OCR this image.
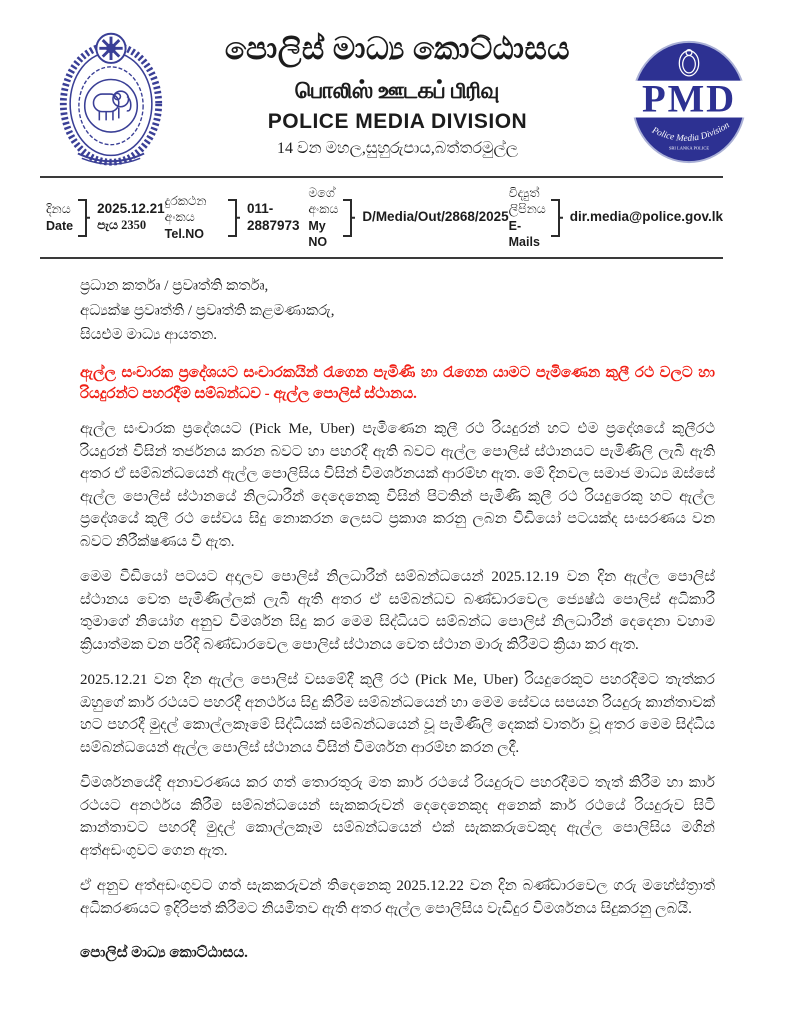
පොලිස් මාධ්‍ය කොට්ඨාසය
பொலிஸ் ஊடகப் பிரிவு
POLICE MEDIA DIVISION
14 වන මහල,සුහුරුපාය,බත්තරමුල්ල
PMD
Police Media Division
SRI LANKA POLICE
දිනය
Date
2025.12.21
පැය 2350
දුරකථන අංකය
Tel.NO
011-2887973
මගේ අංකය
My NO
D/Media/Out/2868/2025
විද්‍යුත් ලිපිනය
E-Mails
dir.media@police.gov.lk
ප්‍රධාන කර්තෘ / ප්‍රවෘත්ති කර්තෘ,
අධ්‍යක්ෂ ප්‍රවෘත්ති / ප්‍රවෘත්ති කළමණාකරු,
සියළුම මාධ්‍ය ආයතන.
ඇල්ල සංචාරක ප්‍රදේශයට සංචාරකයින් රැගෙන පැමිණි හා රැගෙන යාමට පැමිණෙන කුලී රථ වලට හා රියදුරන්ට පහරදීම සම්බන්ධව - ඇල්ල පොලිස් ස්ථානය.

ඇල්ල සංචාරක ප්‍රදේශයට (Pick Me, Uber) පැමිණෙන කුලී රථ රියදුරන් හට එම ප්‍රදේශයේ කුලීරථ රියදුරන් විසින් තර්ජනය කරන බවට හා පහරදී ඇති බවට ඇල්ල පොලිස් ස්ථානයට පැමිණිලි ලැබී ඇති අතර ඒ සම්බන්ධයෙන් ඇල්ල පොලිසිය විසින් විමර්ශනයක් ආරම්භ ඇත. මේ දිනවල සමාජ මාධ්‍ය ඔස්සේ ඇල්ල පොලිස් ස්ථානයේ නිලධාරීන් දෙදෙනෙකු විසින් පිටතින් පැමිණි කුලී රථ රියදුරෙකු හට ඇල්ල ප්‍රදේශයේ කුලී රථ සේවය සිදු නොකරන ලෙසට ප්‍රකාශ කරනු ලබන වීඩියෝ පටයක්ද සංසරණය වන බවට නිරීක්ෂණය වී ඇත.

මෙම වීඩියෝ පටයට අදාලව පොලිස් නිලධාරීන් සම්බන්ධයෙන් 2025.12.19 වන දින ඇල්ල පොලිස් ස්ථානය වෙත පැමිණිල්ලක් ලැබී ඇති අතර ඒ සම්බන්ධව බණ්ඩාරවෙල ජ්‍යෙෂ්ඨ පොලිස් අධිකාරී තුමාගේ නියෝග අනුව විමර්ශන සිදු කර මෙම සිද්ධියට සම්බන්ධ පොලිස් නිලධාරීන් දෙදෙනා වහාම ක්‍රියාත්මක වන පරිදි බණ්ඩාරවෙල පොලිස් ස්ථානය වෙත ස්ථාන මාරු කිරීමට ක්‍රියා කර ඇත.

2025.12.21 වන දින ඇල්ල පොලිස් වසමේදී කුලී රථ (Pick Me, Uber) රියදුරෙකුට පහරදීමට තැත්කර ඔහුගේ කාර් රථයට පහරදී අනර්ථය සිදු කිරීම සම්බන්ධයෙන් හා මෙම සේවය සපයන රියදුරු කාන්තාවක් හට පහරදී මුදල් කොල්ලකෑමේ සිද්ධියක් සම්බන්ධයෙන් වූ පැමිණිලි දෙකක් වාර්තා වූ අතර මෙම සිද්ධිය සම්බන්ධයෙන් ඇල්ල පොලිස් ස්ථානය විසින් විමර්ශන ආරම්භ කරන ලදී.

විමර්ශනයේදී අනාවරණය කර ගත් තොරතුරු මත කාර් රථයේ රියදුරුට පහරදීමට තැත් කිරීම හා කාර් රථයට අනර්ථය කිරීම සම්බන්ධයෙන් සැකකරුවන් දෙදෙනෙකුද අනෙක් කාර් රථයේ රියදුරුව සිටි කාන්තාවට පහරදී මුදල් කොල්ලකෑම සම්බන්ධයෙන් එක් සැකකරුවෙකුද ඇල්ල පොලිසිය මගින් අත්අඩංගුවට ගෙන ඇත.

ඒ අනුව අත්අඩංගුවට ගත් සැකකරුවන් තිදෙනෙකු 2025.12.22 වන දින බණ්ඩාරවෙල ගරු මහේස්ත්‍රාත් අධිකරණයට ඉදිරිපත් කිරීමට නියමිතව ඇති අතර ඇල්ල පොලිසිය වැඩිදුර විමර්ශනය සිදුකරනු ලබයි.

පොලිස් මාධ්‍ය කොට්ඨාසය.
